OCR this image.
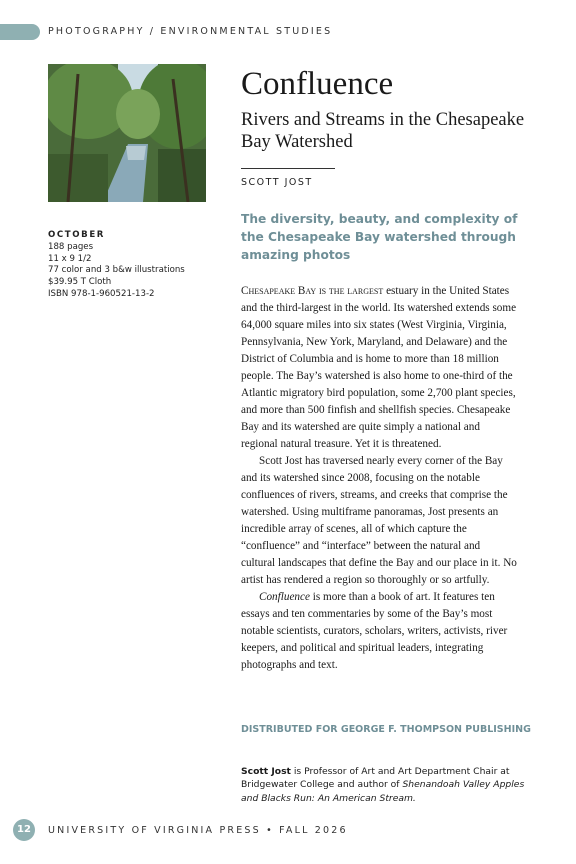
PHOTOGRAPHY / ENVIRONMENTAL STUDIES
OCTOBER
188 pages
11 x 9 1/2
77 color and 3 b&w illustrations
$39.95 T Cloth
ISBN 978-1-960521-13-2
Confluence
Rivers and Streams in the Chesapeake Bay Watershed
SCOTT JOST
The diversity, beauty, and complexity of the Chesapeake Bay watershed through amazing photos

Chesapeake Bay is the largest estuary in the United States and the third-largest in the world. Its watershed extends some 64,000 square miles into six states (West Virginia, Virginia, Pennsylvania, New York, Maryland, and Delaware) and the District of Columbia and is home to more than 18 million people. The Bay’s watershed is also home to one-third of the Atlantic migratory bird population, some 2,700 plant species, and more than 500 finfish and shellfish species. Chesapeake Bay and its watershed are quite simply a national and regional natural treasure. Yet it is threatened.

Scott Jost has traversed nearly every corner of the Bay and its watershed since 2008, focusing on the notable confluences of rivers, streams, and creeks that comprise the watershed. Using multiframe panoramas, Jost presents an incredible array of scenes, all of which capture the “confluence” and “interface” between the natural and cultural landscapes that define the Bay and our place in it. No artist has rendered a region so thoroughly or so artfully.

Confluence is more than a book of art. It features ten essays and ten commentaries by some of the Bay’s most notable scientists, curators, scholars, writers, activists, river keepers, and political and spiritual leaders, integrating photographs and text.

DISTRIBUTED FOR GEORGE F. THOMPSON PUBLISHING
Scott Jost is Professor of Art and Art Department Chair at Bridgewater College and author of Shenandoah Valley Apples and Blacks Run: An American Stream.
12	UNIVERSITY OF VIRGINIA PRESS • FALL 2026
